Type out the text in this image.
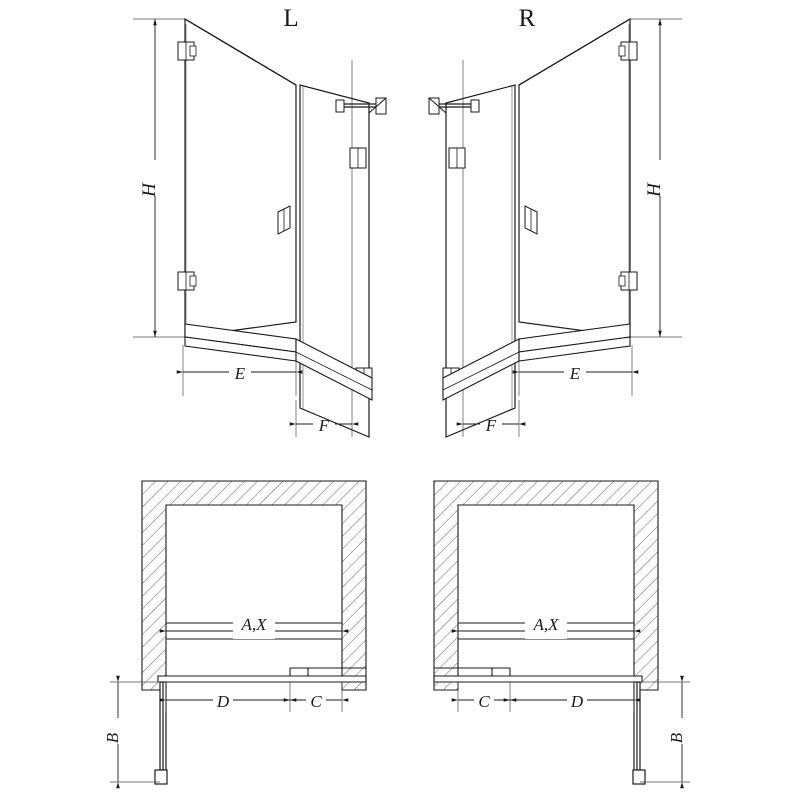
L	R
H	H
E	E
F	F
A,X	A,X
D	C	C	D
B	B
